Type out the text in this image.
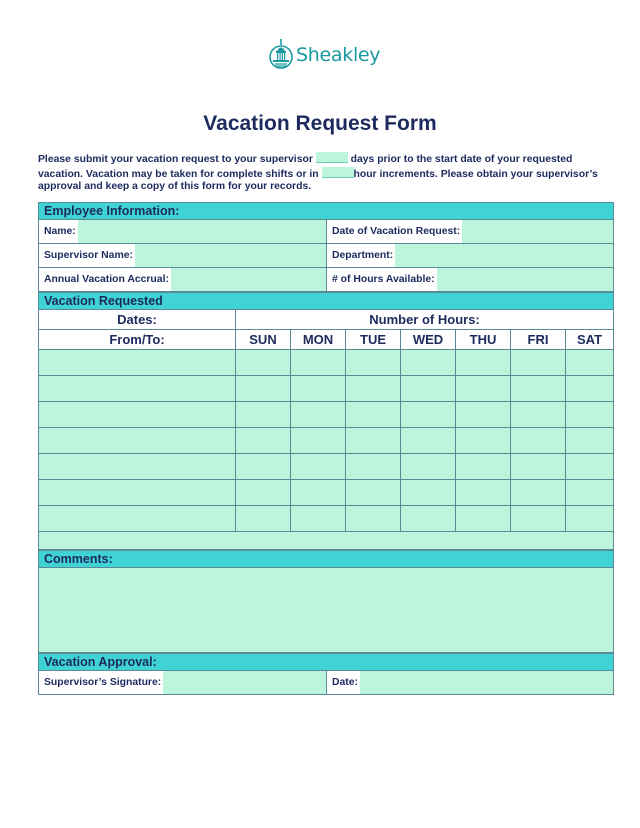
Sheakley
Vacation Request Form
Please submit your vacation request to your supervisor	days prior to the start date of your requested vacation. Vacation may be taken for complete shifts or in	hour increments. Please obtain your supervisor’s approval and keep a copy of this form for your records.
Employee Information:
Name:	Date of Vacation Request:
Supervisor Name:	Department:
Annual Vacation Accrual:	# of Hours Available:
Vacation Requested
Dates:	Number of Hours:
From/To:	SUN	MON	TUE	WED	THU	FRI	SAT
Comments:
Vacation Approval:
Supervisor’s Signature:	Date:
